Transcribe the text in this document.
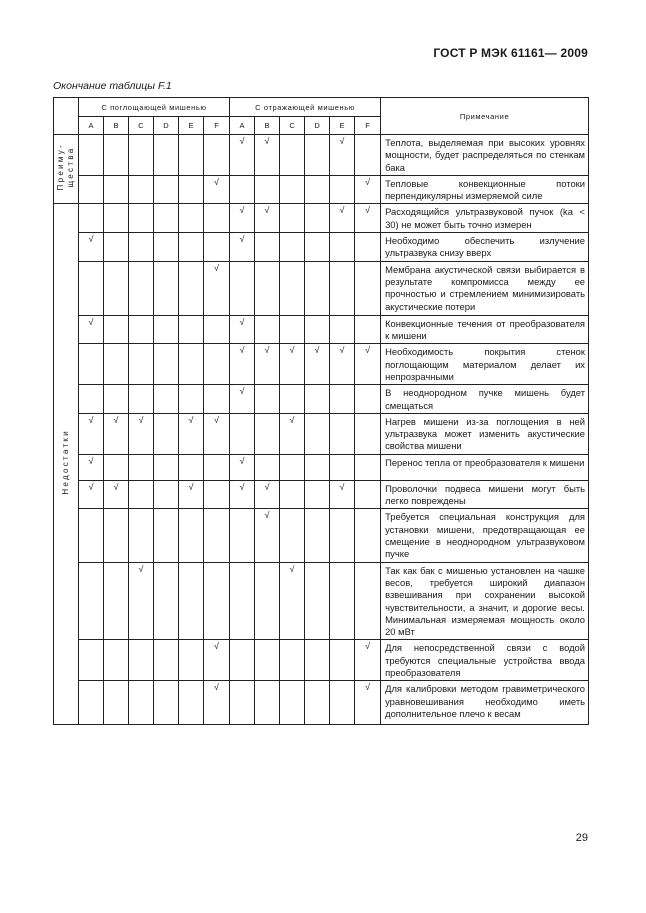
ГОСТ Р МЭК 61161— 2009
Окончание таблицы F.1
	С поглощающей мишенью						С отражающей мишенью						Примечание
	A	B	C	D	E	F	A	B	C	D	E	F	
Преиму-
щества							√	√			√		Теплота, выделяемая при высоких уровнях мощности, будет распределяться по стенкам бака
						√						√	Тепловые конвекционные потоки перпендикулярны измеряемой силе
Недостатки							√	√			√	√	Расходящийся ультразвуковой пучок (ka < 30) не может быть точно измерен
	√						√						Необходимо обеспечить излучение ультразвука снизу вверх
						√							Мембрана акустической связи выбирается в результате компромисса между ее прочностью и стремлением минимизировать акустические потери
	√						√						Конвекционные течения от преобразователя к мишени
							√	√	√	√	√	√	Необходимость покрытия стенок поглощающим материалом делает их непрозрачными
							√						В неоднородном пучке мишень будет смещаться
	√	√	√		√	√			√				Нагрев мишени из-за поглощения в ней ультразвука может изменить акустические свойства мишени
	√						√						Перенос тепла от преобразователя к мишени
	√	√			√		√	√			√		Проволочки подвеса мишени могут быть легко повреждены
								√					Требуется специальная конструкция для установки мишени, предотвращающая ее смещение в неоднородном ультразвуковом пучке
			√						√				Так как бак с мишенью установлен на чашке весов, требуется широкий диапазон взвешивания при сохранении высокой чувствительности, а значит, и дорогие весы. Минимальная измеряемая мощность около 20 мВт
						√						√	Для непосредственной связи с водой требуются специальные устройства ввода преобразователя
						√						√	Для калибровки методом гравиметрического уравновешивания необходимо иметь дополнительное плечо к весам
29
